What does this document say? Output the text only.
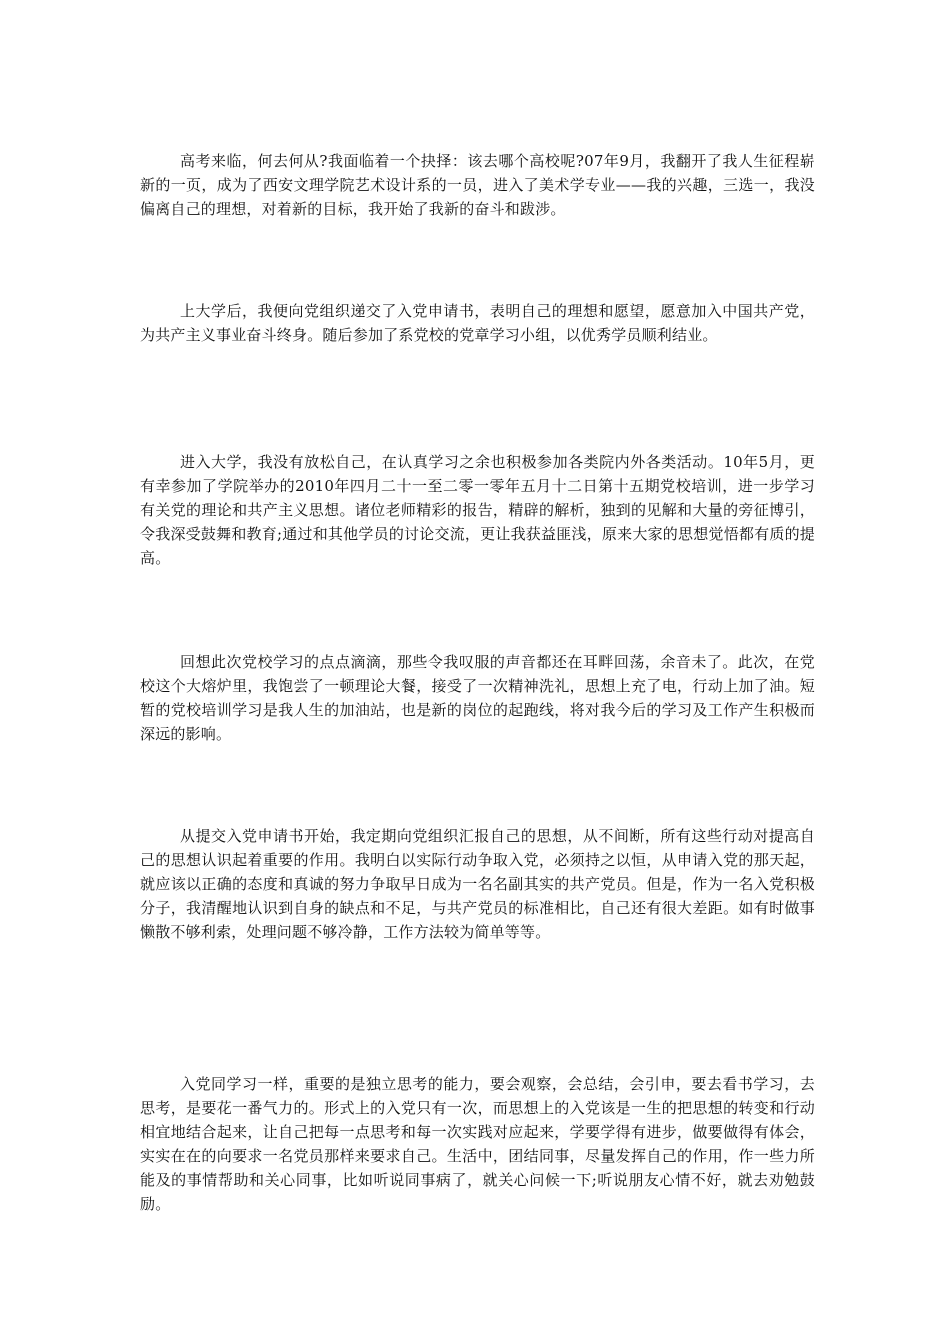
高考来临，何去何从?我面临着一个抉择：该去哪个高校呢?07年9月，我翻开了我人生征程崭新的一页，成为了西安文理学院艺术设计系的一员，进入了美术学专业——我的兴趣，三选一，我没偏离自己的理想，对着新的目标，我开始了我新的奋斗和跋涉。

上大学后，我便向党组织递交了入党申请书，表明自己的理想和愿望，愿意加入中国共产党，为共产主义事业奋斗终身。随后参加了系党校的党章学习小组，以优秀学员顺利结业。

进入大学，我没有放松自己，在认真学习之余也积极参加各类院内外各类活动。10年5月，更有幸参加了学院举办的2010年四月二十一至二零一零年五月十二日第十五期党校培训，进一步学习有关党的理论和共产主义思想。诸位老师精彩的报告，精辟的解析，独到的见解和大量的旁征博引，令我深受鼓舞和教育;通过和其他学员的讨论交流，更让我获益匪浅，原来大家的思想觉悟都有质的提高。

回想此次党校学习的点点滴滴，那些令我叹服的声音都还在耳畔回荡，余音未了。此次，在党校这个大熔炉里，我饱尝了一顿理论大餐，接受了一次精神洗礼，思想上充了电，行动上加了油。短暂的党校培训学习是我人生的加油站，也是新的岗位的起跑线，将对我今后的学习及工作产生积极而深远的影响。

从提交入党申请书开始，我定期向党组织汇报自己的思想，从不间断，所有这些行动对提高自己的思想认识起着重要的作用。我明白以实际行动争取入党，必须持之以恒，从申请入党的那天起，就应该以正确的态度和真诚的努力争取早日成为一名名副其实的共产党员。但是，作为一名入党积极分子，我清醒地认识到自身的缺点和不足，与共产党员的标准相比，自己还有很大差距。如有时做事懒散不够利索，处理问题不够冷静，工作方法较为简单等等。

入党同学习一样，重要的是独立思考的能力，要会观察，会总结，会引申，要去看书学习，去思考，是要花一番气力的。形式上的入党只有一次，而思想上的入党该是一生的把思想的转变和行动相宜地结合起来，让自己把每一点思考和每一次实践对应起来，学要学得有进步，做要做得有体会，实实在在的向要求一名党员那样来要求自己。生活中，团结同事，尽量发挥自己的作用，作一些力所能及的事情帮助和关心同事，比如听说同事病了，就关心问候一下;听说朋友心情不好，就去劝勉鼓励。
